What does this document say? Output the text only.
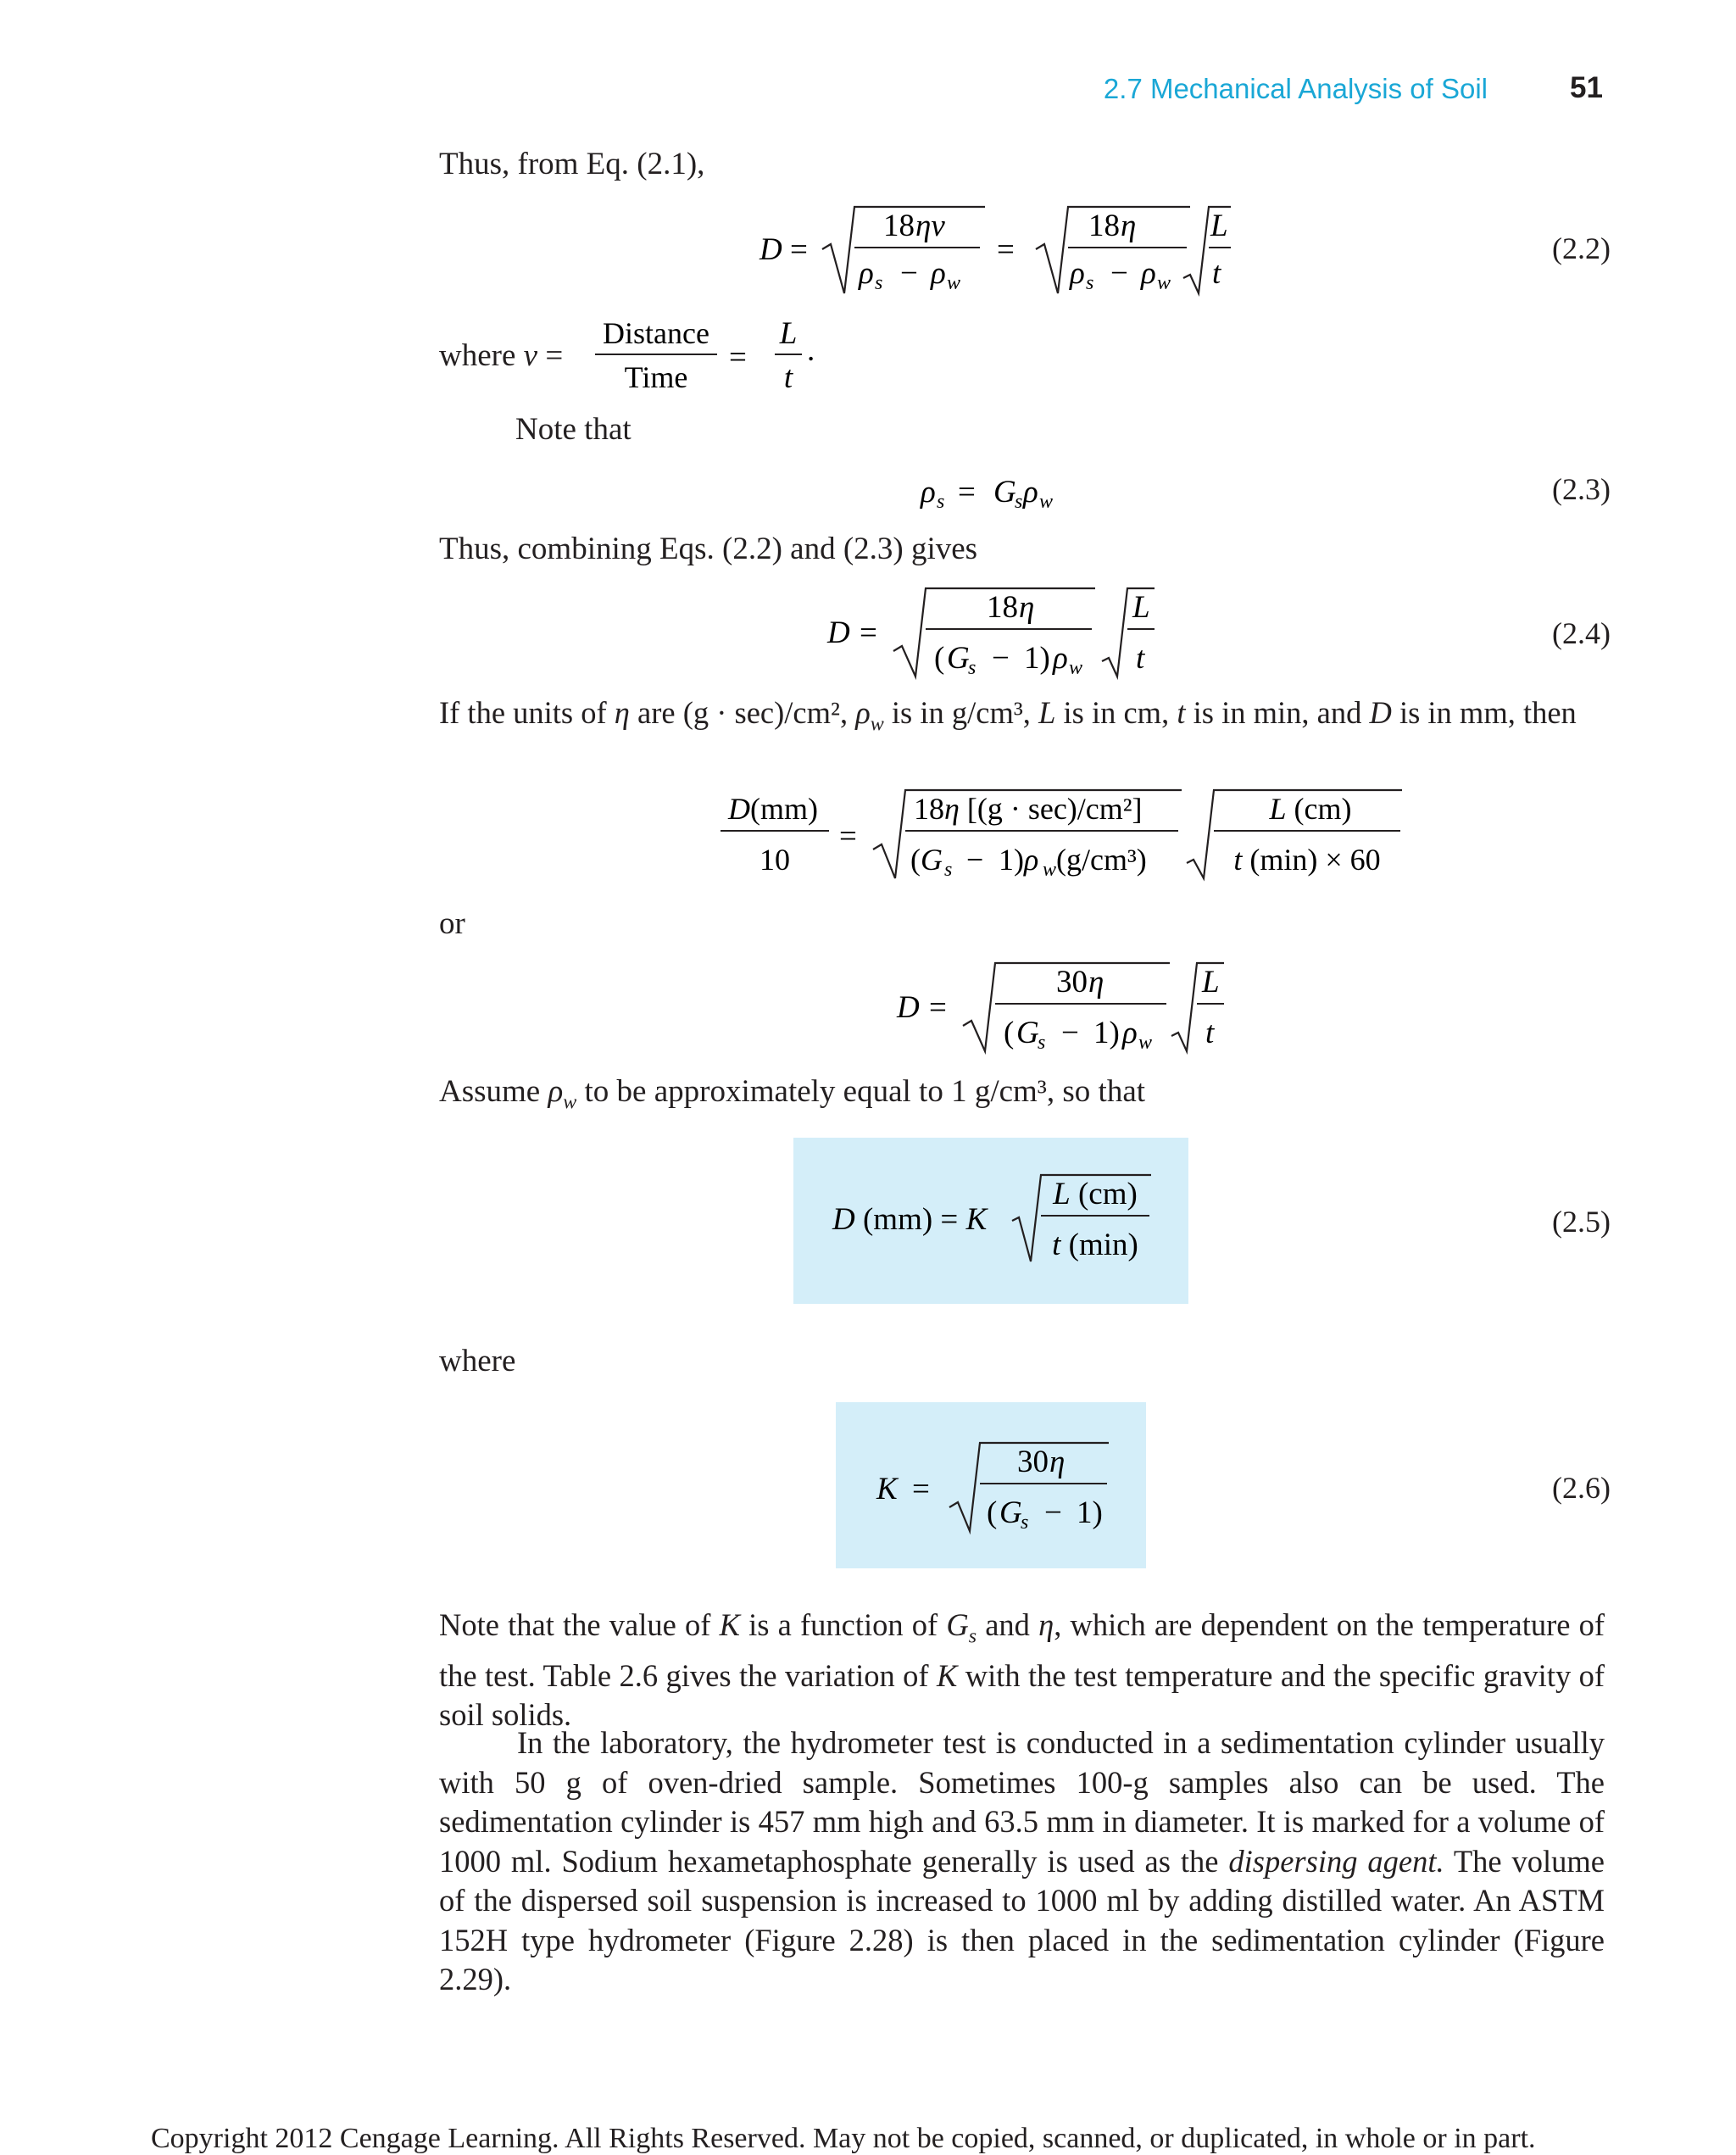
2.7 Mechanical Analysis of Soil	51
Thus, from Eq. (2.1),
D =
18 ηv
ρ s − ρ w
=
18 η
ρ s − ρ w
L
t
(2.2)
where v =
Distance
Time
=
L
t
.
Note that
ρ s = G
s ρ w	(2.3)
Thus, combining Eqs. (2.2) and (2.3) gives
D =
18 η
( G
s − 1) ρ w
L
t
(2.4)
If the units of η are (g · sec)/cm², $\rho_w$ is in g/cm³, L is in cm, t is in min, and D is in mm, then
D(mm)
10
=
18η [(g · sec)/cm²]
(G s − 1)ρ w (g/cm³)
L (cm)
t (min) × 60
or
D =
30 η
( G
s − 1) ρ w
L
t
Assume $\rho_w$ to be approximately equal to 1 g/cm³, so that
D (mm) = K
L (cm)
t (min)
(2.5)
where
K =
30 η
( G
s − 1)
(2.6)
Note that the value of K is a function of $G_s$ and η, which are dependent on the temperature of the test. Table 2.6 gives the variation of K with the test temperature and the specific gravity of soil solids.
In the laboratory, the hydrometer test is conducted in a sedimentation cylinder usually with 50 g of oven-dried sample. Sometimes 100-g samples also can be used. The sedimentation cylinder is 457 mm high and 63.5 mm in diameter. It is marked for a volume of 1000 ml. Sodium hexametaphosphate generally is used as the dispersing agent. The volume of the dispersed soil suspension is increased to 1000 ml by adding distilled water. An ASTM 152H type hydrometer (Figure 2.28) is then placed in the sedimentation cylinder (Figure 2.29).
Copyright 2012 Cengage Learning. All Rights Reserved. May not be copied, scanned, or duplicated, in whole or in part.
